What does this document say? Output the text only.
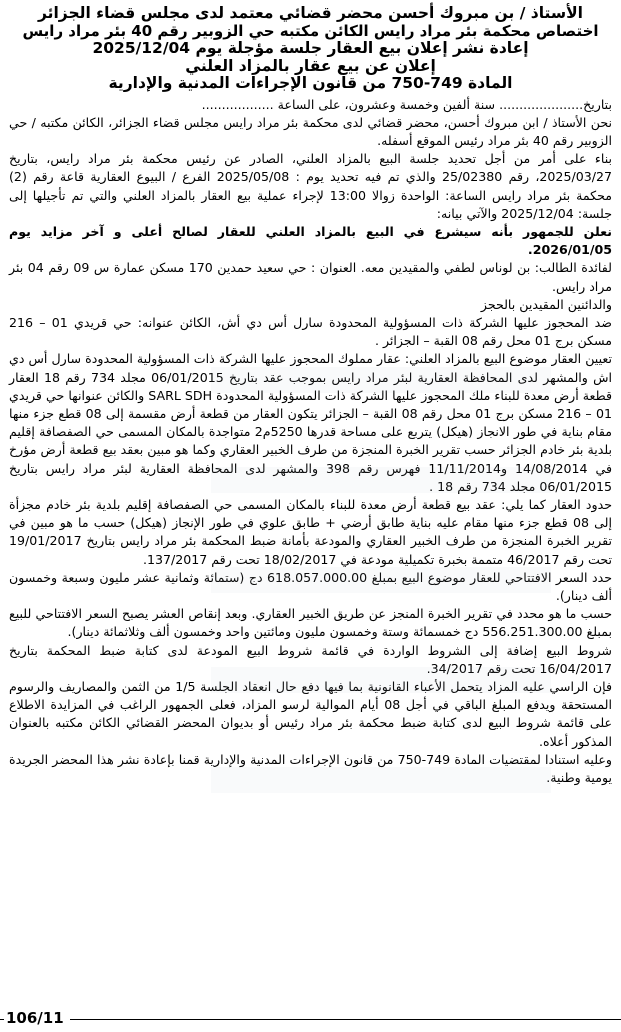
الأستاذ / بن مبروك أحسن محضر قضائي معتمد لدى مجلس قضاء الجزائر
اختصاص محكمة بئر مراد رايس الكائن مكتبه حي الزوبير رقم 40 بئر مراد رايس
إعادة نشر إعلان بيع العقار جلسة مؤجلة يوم 2025/12/04
إعلان عن بيع عقار بالمزاد العلني
المادة 749-750 من قانون الإجراءات المدنية والإدارية

بتاريخ..................... سنة ألفين وخمسة وعشرون، على الساعة ..................

نحن الأستاذ / ابن مبروك أحسن، محضر قضائي لدى محكمة بئر مراد رايس مجلس قضاء الجزائر، الكائن مكتبه / حي الزوبير رقم 40 بئر مراد رئيس الموقع أسفله.

بناء على أمر من أجل تحديد جلسة البيع بالمزاد العلني، الصادر عن رئيس محكمة بئر مراد رايس، بتاريخ 2025/03/27، رقم 25/02380 والذي تم فيه تحديد يوم : 2025/05/08 الفرع / البيوع العقارية قاعة رقم (2) محكمة بئر مراد رايس الساعة: الواحدة زوالا 13:00 لإجراء عملية بيع العقار بالمزاد العلني والتي تم تأجيلها إلى جلسة: 2025/12/04 والآتي بيانه:

نعلن للجمهور بأنه سيشرع في البيع بالمزاد العلني للعقار لصالح أعلى و آخر مزايد يوم 2026/01/05.

لفائدة الطالب: بن لوناس لطفي والمقيدين معه. العنوان : حي سعيد حمدين 170 مسكن عمارة س 09 رقم 04 بئر مراد رايس.

والدائنين المقيدين بالحجز

ضد المحجوز عليها الشركة ذات المسؤولية المحدودة سارل أس دي أش، الكائن عنوانه: حي قريدي 01 – 216 مسكن برج 01 محل رقم 08 القبة – الجزائر .

تعيين العقار موضوع البيع بالمزاد العلني: عقار مملوك المحجوز عليها الشركة ذات المسؤولية المحدودة سارل أس دي اش والمشهر لدى المحافظة العقارية لبئر مراد رايس بموجب عقد بتاريخ 06/01/2015 مجلد 734 رقم 18 العقار قطعة أرض معدة للبناء ملك المحجوز عليها الشركة ذات المسؤولية المحدودة SARL SDH والكائن عنوانها حي قريدي 01 – 216 مسكن برج 01 محل رقم 08 القبة – الجزائر يتكون العقار من قطعة أرض مقسمة إلى 08 قطع جزء منها مقام بناية في طور الانجاز (هيكل) يتربع على مساحة قدرها 5250م2 متواجدة بالمكان المسمى حي الصفصافة إقليم بلدية بئر خادم الجزائر حسب تقرير الخبرة المنجزة من طرف الخبير العقاري وكما هو مبين بعقد بيع قطعة أرض مؤرخ في 14/08/2014 و11/11/2014 فهرس رقم 398 والمشهر لدى المحافظة العقارية لبئر مراد رايس بتاريخ 06/01/2015 مجلد 734 رقم 18 .

حدود العقار كما يلي: عقد بيع قطعة أرض معدة للبناء بالمكان المسمى حي الصفصافة إقليم بلدية بئر خادم مجزأة إلى 08 قطع جزء منها مقام عليه بناية طابق أرضي + طابق علوي في طور الإنجاز (هيكل) حسب ما هو مبين في تقرير الخبرة المنجزة من طرف الخبير العقاري والمودعة بأمانة ضبط المحكمة بئر مراد رايس بتاريخ 19/01/2017 تحت رقم 46/2017 متممة بخبرة تكميلية مودعة في 18/02/2017 تحت رقم 137/2017.

حدد السعر الافتتاحي للعقار موضوع البيع بمبلغ 618.057.000.00 دج (ستمائة وثمانية عشر مليون وسبعة وخمسون ألف دينار).

حسب ما هو محدد في تقرير الخبرة المنجز عن طريق الخبير العقاري. وبعد إنقاص العشر يصبح السعر الافتتاحي للبيع بمبلغ 556.251.300.00 دج خمسمائة وستة وخمسون مليون ومائتين واحد وخمسون ألف وثلاثمائة دينار).

شروط البيع إضافة إلى الشروط الواردة في قائمة شروط البيع المودعة لدى كتابة ضبط المحكمة بتاريخ 16/04/2017 تحت رقم 34/2017.

فإن الراسي عليه المزاد يتحمل الأعباء القانونية بما فيها دفع حال انعقاد الجلسة 1/5 من الثمن والمصاريف والرسوم المستحقة ويدفع المبلغ الباقي في أجل 08 أيام الموالية لرسو المزاد، فعلى الجمهور الراغب في المزايدة الاطلاع على قائمة شروط البيع لدى كتابة ضبط محكمة بئر مراد رئيس أو بديوان المحضر القضائي الكائن مكتبه بالعنوان المذكور أعلاه.

وعليه استنادا لمقتضيات المادة 749-750 من قانون الإجراءات المدنية والإدارية قمنا بإعادة نشر هذا المحضر الجريدة يومية وطنية.

106/11
